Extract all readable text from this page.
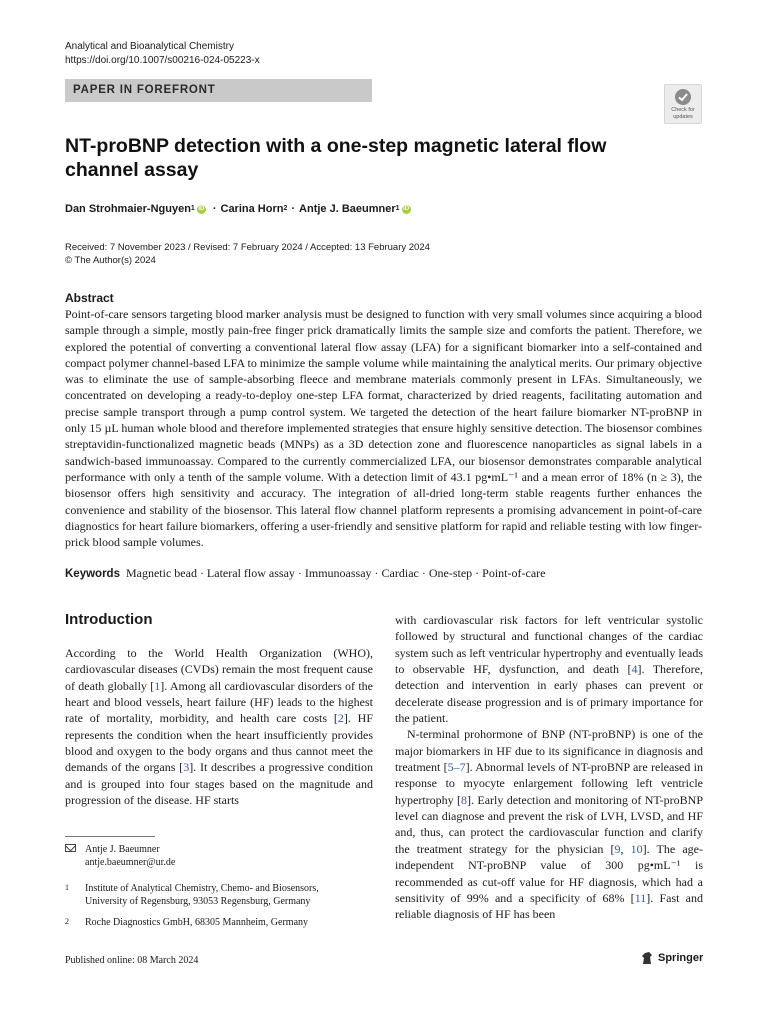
Analytical and Bioanalytical Chemistry
https://doi.org/10.1007/s00216-024-05223-x
PAPER IN FOREFRONT
Check for
updates
NT-proBNP detection with a one-step magnetic lateral flow channel assay
Dan Strohmaier-Nguyen 1 iD · Carina Horn 2 · Antje J. Baeumner 1 iD
Received: 7 November 2023 / Revised: 7 February 2024 / Accepted: 13 February 2024
© The Author(s) 2024
Abstract

Point-of-care sensors targeting blood marker analysis must be designed to function with very small volumes since acquiring a blood sample through a simple, mostly pain-free finger prick dramatically limits the sample size and comforts the patient. Therefore, we explored the potential of converting a conventional lateral flow assay (LFA) for a significant biomarker into a self-contained and compact polymer channel-based LFA to minimize the sample volume while maintaining the analytical merits. Our primary objective was to eliminate the use of sample-absorbing fleece and membrane materials commonly present in LFAs. Simultaneously, we concentrated on developing a ready-to-deploy one-step LFA format, characterized by dried reagents, facilitating automation and precise sample transport through a pump control system. We targeted the detection of the heart failure biomarker NT-proBNP in only 15 µL human whole blood and therefore implemented strategies that ensure highly sensitive detection. The biosensor combines streptavidin-functionalized magnetic beads (MNPs) as a 3D detection zone and fluorescence nanoparticles as signal labels in a sandwich-based immunoassay. Compared to the currently commercialized LFA, our biosensor demonstrates comparable analytical performance with only a tenth of the sample volume. With a detection limit of 43.1 pg•mL⁻¹ and a mean error of 18% (n ≥ 3), the biosensor offers high sensitivity and accuracy. The integration of all-dried long-term stable reagents further enhances the convenience and stability of the biosensor. This lateral flow channel platform represents a promising advancement in point-of-care diagnostics for heart failure biomarkers, offering a user-friendly and sensitive platform for rapid and reliable testing with low finger-prick blood sample volumes.

Keywords Magnetic bead · Lateral flow assay · Immunoassay · Cardiac · One-step · Point-of-care
Introduction

According to the World Health Organization (WHO), cardiovascular diseases (CVDs) remain the most frequent cause of death globally [1]. Among all cardiovascular disorders of the heart and blood vessels, heart failure (HF) leads to the highest rate of mortality, morbidity, and health care costs [2]. HF represents the condition when the heart insufficiently provides blood and oxygen to the body organs and thus cannot meet the demands of the organs [3]. It describes a progressive condition and is grouped into four stages based on the magnitude and progression of the disease. HF starts

with cardiovascular risk factors for left ventricular systolic followed by structural and functional changes of the cardiac system such as left ventricular hypertrophy and eventually leads to observable HF, dysfunction, and death [4]. Therefore, detection and intervention in early phases can prevent or decelerate disease progression and is of primary importance for the patient.

N-terminal prohormone of BNP (NT-proBNP) is one of the major biomarkers in HF due to its significance in diagnosis and treatment [5–7]. Abnormal levels of NT-proBNP are released in response to myocyte enlargement following left ventricle hypertrophy [8]. Early detection and monitoring of NT-proBNP level can diagnose and prevent the risk of LVH, LVSD, and HF and, thus, can protect the cardiovascular function and clarify the treatment strategy for the physician [9, 10]. The age-independent NT-proBNP value of 300 pg•mL⁻¹ is recommended as cut-off value for HF diagnosis, which had a sensitivity of 99% and a specificity of 68% [11]. Fast and reliable diagnosis of HF has been

Antje J. Baeumner
antje.baeumner@ur.de
1 Institute of Analytical Chemistry, Chemo- and Biosensors,
University of Regensburg, 93053 Regensburg, Germany
2 Roche Diagnostics GmbH, 68305 Mannheim, Germany
Published online: 08 March 2024	Springer
